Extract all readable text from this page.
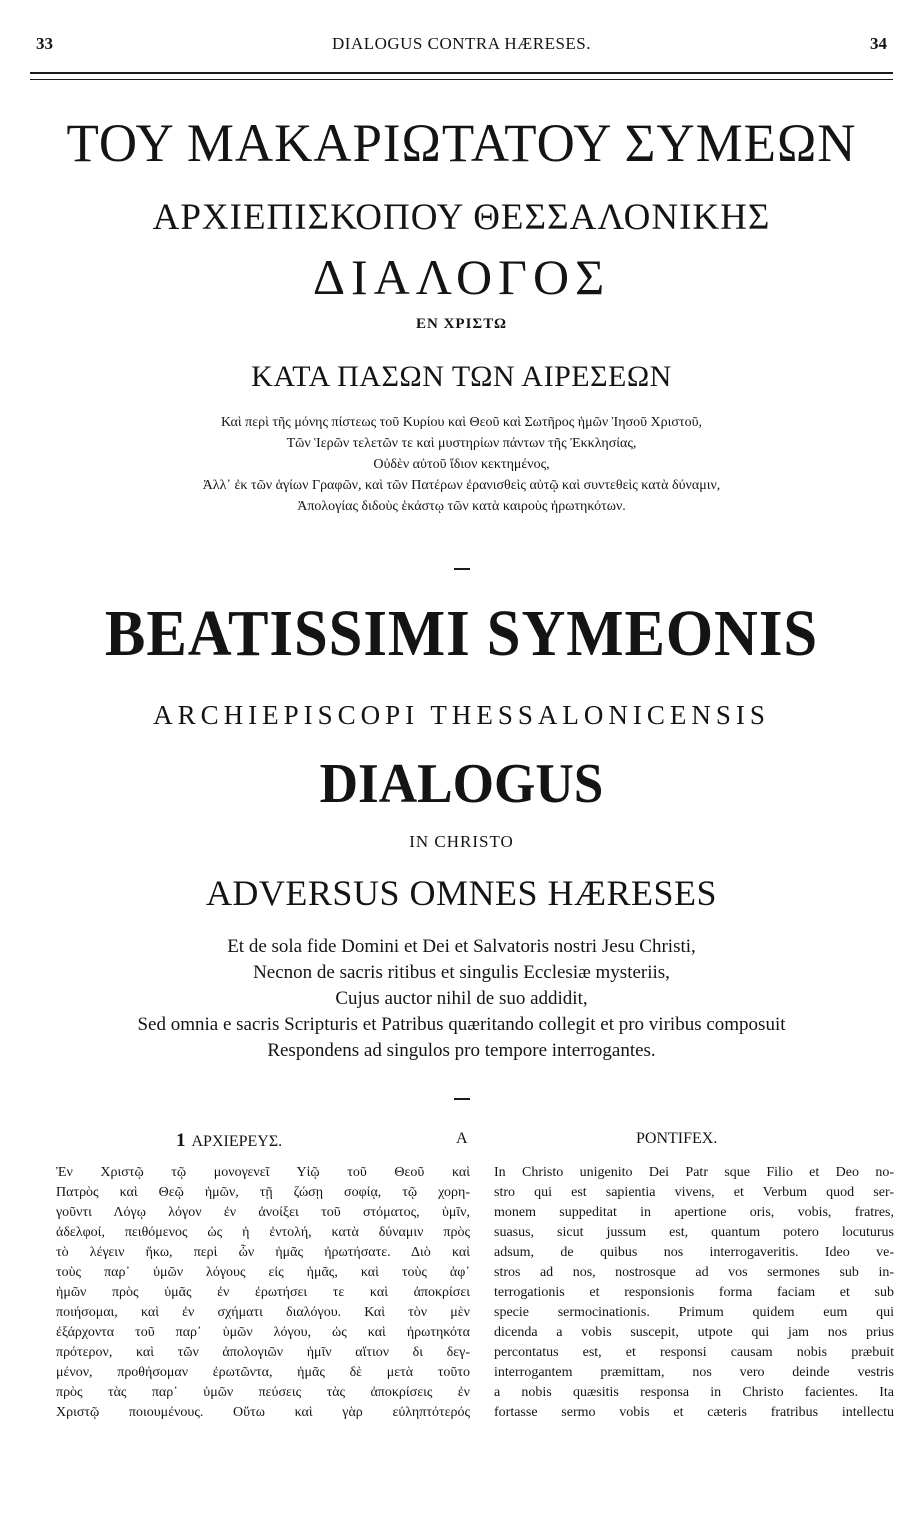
33	DIALOGUS CONTRA HÆRESES.	34
ΤΟΥ ΜΑΚΑΡΙΩΤΑΤΟΥ ΣΥΜΕΩΝ
ΑΡΧΙΕΠΙΣΚΟΠΟΥ ΘΕΣΣΑΛΟΝΙΚΗΣ
ΔΙΑΛΟΓΟΣ
ΕΝ ΧΡΙΣΤΩ
ΚΑΤΑ ΠΑΣΩΝ ΤΩΝ ΑΙΡΕΣΕΩΝ
Καὶ περὶ τῆς μόνης πίστεως τοῦ Κυρίου καὶ Θεοῦ καὶ Σωτῆρος ἡμῶν Ἰησοῦ Χριστοῦ,
Τῶν Ἱερῶν τελετῶν τε καὶ μυστηρίων πάντων τῆς Ἐκκλησίας,
Οὐδὲν αὐτοῦ ἴδιον κεκτημένος,
Ἀλλ᾽ ἐκ τῶν ἁγίων Γραφῶν, καὶ τῶν Πατέρων ἐρανισθεὶς αὐτῷ καὶ συντεθεὶς κατὰ δύναμιν,
Ἀπολογίας διδοὺς ἑκάστῳ τῶν κατὰ καιροὺς ἠρωτηκότων.
BEATISSIMI SYMEONIS
ARCHIEPISCOPI THESSALONICENSIS
DIALOGUS
IN CHRISTO
ADVERSUS OMNES HÆRESES
Et de sola fide Domini et Dei et Salvatoris nostri Jesu Christi,
Necnon de sacris ritibus et singulis Ecclesiæ mysteriis,
Cujus auctor nihil de suo addidit,
Sed omnia e sacris Scripturis et Patribus quæritando collegit et pro viribus composuit
Respondens ad singulos pro tempore interrogantes.
1 ΑΡΧΙΕΡΕΥΣ.	A	PONTIFEX.
Ἐν Χριστῷ τῷ μονογενεῖ Υἱῷ τοῦ Θεοῦ καὶ
Πατρὸς καὶ Θεῷ ἡμῶν, τῇ ζώσῃ σοφίᾳ, τῷ χορη-
γοῦντι Λόγῳ λόγον ἐν ἀνοίξει τοῦ στόματος, ὑμῖν,
ἀδελφοί, πειθόμενος ὡς ἡ ἐντολή, κατὰ δύναμιν πρὸς
τὸ λέγειν ἥκω, περὶ ὧν ἡμᾶς ἠρωτήσατε. Διὸ καὶ
τοὺς παρ᾽ ὑμῶν λόγους εἰς ἡμᾶς, καὶ τοὺς ἀφ᾽
ἡμῶν πρὸς ὑμᾶς ἐν ἐρωτήσει τε καὶ ἀποκρίσει
ποιήσομαι, καὶ ἐν σχήματι διαλόγου. Καὶ τὸν μὲν
ἐξάρχοντα τοῦ παρ᾽ ὑμῶν λόγου, ὡς καὶ ἠρωτηκότα
πρότερον, καὶ τῶν ἀπολογιῶν ἡμῖν αἴτιον δι δεγ-
μένον, προθήσομαν ἐρωτῶντα, ἡμᾶς δὲ μετὰ τοῦτο
πρὸς τὰς παρ᾽ ὑμῶν πεύσεις τὰς ἀποκρίσεις ἐν
Χριστῷ ποιουμένους. Οὕτω καὶ γὰρ εὐληπτότερός
In Christo unigenito Dei Patr sque Filio et Deo no-
stro qui est sapientia vivens, et Verbum quod ser-
monem suppeditat in apertione oris, vobis, fratres,
suasus, sicut jussum est, quantum potero locuturus
adsum, de quibus nos interrogaveritis. Ideo ve-
stros ad nos, nostrosque ad vos sermones sub in-
terrogationis et responsionis forma faciam et sub
specie sermocinationis. Primum quidem eum qui
dicenda a vobis suscepit, utpote qui jam nos prius
percontatus est, et responsi causam nobis præbuit
interrogantem præmittam, nos vero deinde vestris
a nobis quæsitis responsa in Christo facientes. Ita
fortasse sermo vobis et cæteris fratribus intellectu
